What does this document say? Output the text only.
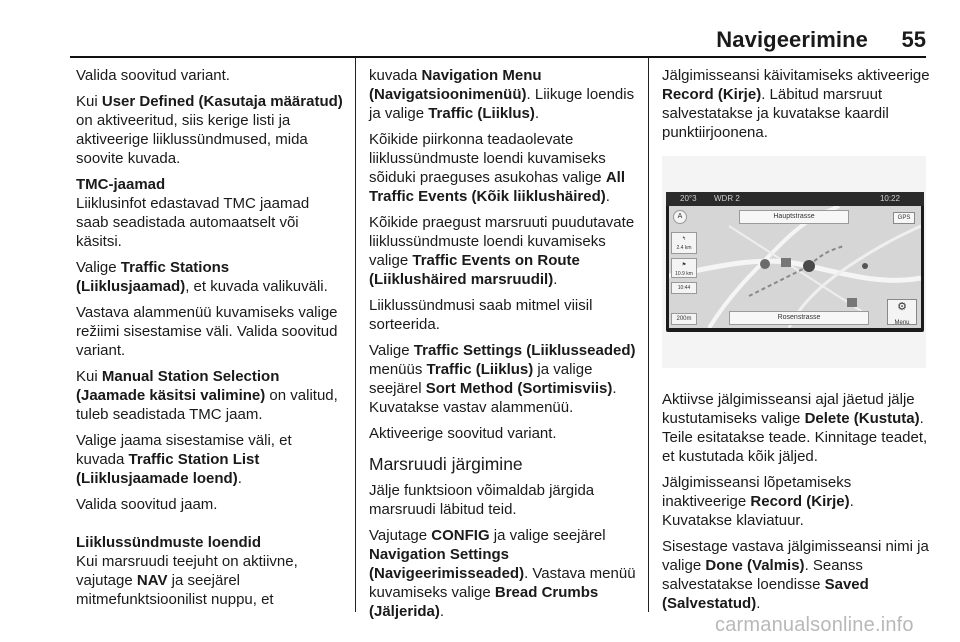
Navigeerimine 55

Valida soovitud variant.

Kui User Defined (Kasutaja määratud) on aktiveeritud, siis kerige listi ja aktiveerige liiklussündmused, mida soovite kuvada.

TMC-jaamad

Liiklusinfot edastavad TMC jaamad saab seadistada automaatselt või käsitsi.

Valige Traffic Stations (Liiklusjaamad), et kuvada valikuväli.

Vastava alammenüü kuvamiseks valige režiimi sisestamise väli. Valida soovitud variant.

Kui Manual Station Selection (Jaamade käsitsi valimine) on valitud, tuleb seadistada TMC jaam.

Valige jaama sisestamise väli, et kuvada Traffic Station List (Liiklusjaamade loend).

Valida soovitud jaam.

Liiklussündmuste loendid

Kui marsruudi teejuht on aktiivne, vajutage NAV ja seejärel mitmefunktsioonilist nuppu, et

kuvada Navigation Menu (Navigatsioonimenüü). Liikuge loendis ja valige Traffic (Liiklus).

Kõikide piirkonna teadaolevate liiklussündmuste loendi kuvamiseks sõiduki praeguses asukohas valige All Traffic Events (Kõik liiklushäired).

Kõikide praegust marsruuti puudutavate liiklussündmuste loendi kuvamiseks valige Traffic Events on Route (Liiklushäired marsruudil).

Liiklussündmusi saab mitmel viisil sorteerida.

Valige Traffic Settings (Liiklusseaded) menüüs Traffic (Liiklus) ja valige seejärel Sort Method (Sortimisviis). Kuvatakse vastav alammenüü.

Aktiveerige soovitud variant.

Marsruudi järgimine

Jälje funktsioon võimaldab järgida marsruudi läbitud teid.

Vajutage CONFIG ja valige seejärel Navigation Settings (Navigeerimisseaded). Vastava menüü kuvamiseks valige Bread Crumbs (Jäljerida).

Jälgimisseansi käivitamiseks aktiveerige Record (Kirje). Läbitud marsruut salvestatakse ja kuvatakse kaardil punktiirjoonena.

20°3 WDR 2	10:22
A	Hauptstrasse	GPS
↰
2.4 km
⚑
10.9 km
10:44
200m	Rosenstrasse
⚙
Menu

Aktiivse jälgimisseansi ajal jäetud jälje kustutamiseks valige Delete (Kustuta). Teile esitatakse teade. Kinnitage teadet, et kustutada kõik jäljed.

Jälgimisseansi lõpetamiseks inaktiveerige Record (Kirje).

Kuvatakse klaviatuur.

Sisestage vastava jälgimisseansi nimi ja valige Done (Valmis). Seanss salvestatakse loendisse Saved (Salvestatud).

carmanualsonline.info
